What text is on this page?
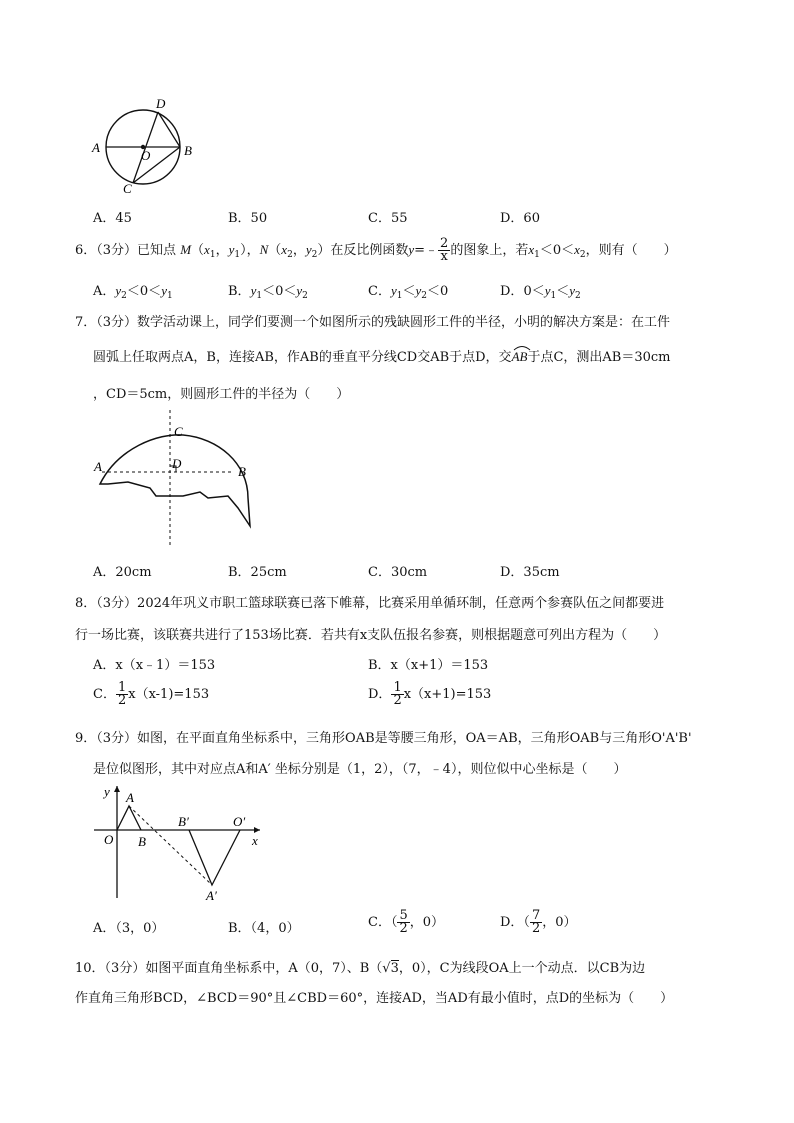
A	B
C
D
O
A．45	B．50	C．55	D．60
6．（3分）已知点 $M(x_1$，$y_1$），$N(x_2$，$y_2$）在反比例函数y=﹣ $\frac{2}{x}$ 的图象上，若$x_1<0<x_2$，则有（　　）
A．$y_2<0<y_1$	B．$y_1<0<y_2$	C．$y_1<y_2<0$	D．$0<y_1<y_2$
7．（3分）数学活动课上，同学们要测一个如图所示的残缺圆形工件的半径，小明的解决方案是：在工件
圆弧上任取两点A，B，连接AB，作AB的垂直平分线CD交AB于点D，交
AB于点C，测出AB＝30cm
，CD＝5cm，则圆形工件的半径为（　　）
A	B
C
D
A．20cm	B．25cm	C．30cm	D．35cm
8．（3分）2024年巩义市职工篮球联赛已落下帷幕，比赛采用单循环制，任意两个参赛队伍之间都要进
行一场比赛，该联赛共进行了153场比赛．若共有x支队伍报名参赛，则根据题意可列出方程为（　　）
A．x（x﹣1）＝153	B．x（x+1）＝153
C． $\frac{1}{2} x(x-1)=153$	D． $\frac{1}{2} x(x+1)=153$
9．（3分）如图，在平面直角坐标系中，三角形OAB是等腰三角形，OA＝AB，三角形OAB与三角形O'A'B'
是位似图形，其中对应点A和A′ 坐标分别是（1，2），（7，﹣4），则位似中心坐标是（　　）
y
x
O
A
B
B′	O′
A′
A．（3，0）	B．（4，0）	C．（ $\frac{5}{2}$ ，0）	D．（ $\frac{7}{2}$ ，0）
10．（3分）如图平面直角坐标系中，A（0，7）、B（√3，0），C为线段OA上一个动点．以CB为边
作直角三角形BCD，∠BCD＝90°且∠CBD＝60°，连接AD，当AD有最小值时，点D的坐标为（　　）
